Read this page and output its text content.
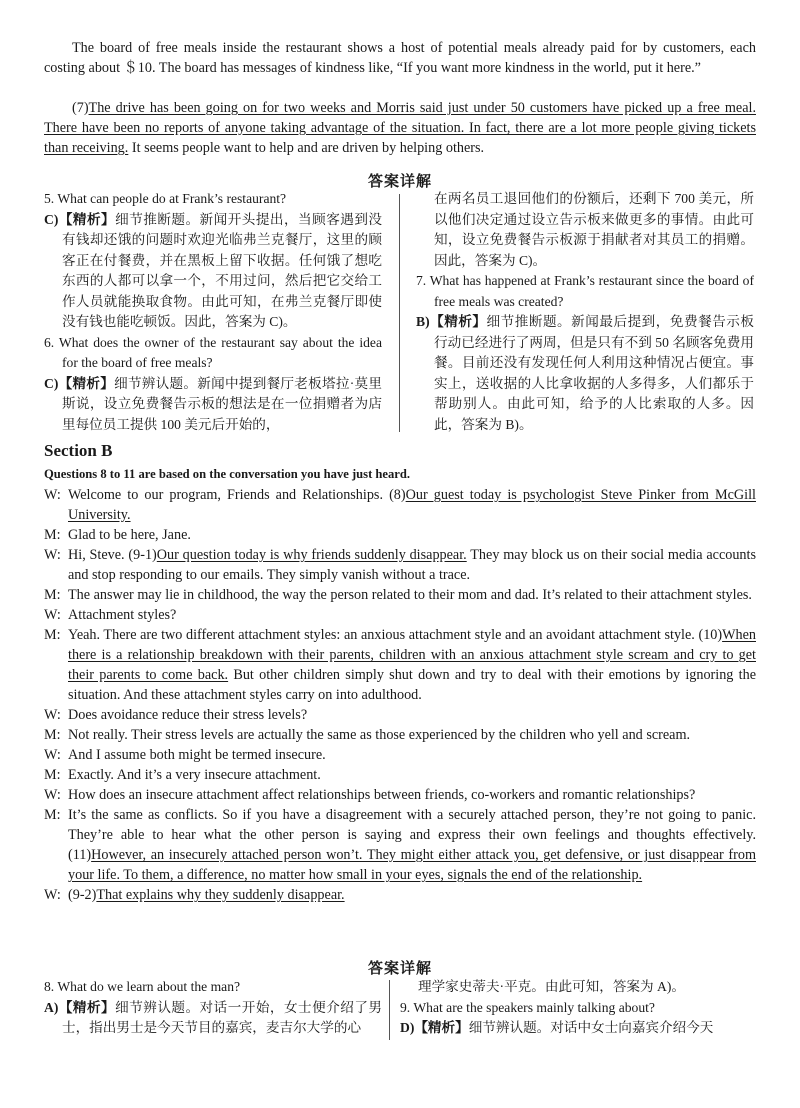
The board of free meals inside the restaurant shows a host of potential meals already paid for by customers, each costing about ＄10. The board has messages of kindness like, “If you want more kindness in the world, put it here.”
(7)The drive has been going on for two weeks and Morris said just under 50 customers have picked up a free meal. There have been no reports of anyone taking advantage of the situation. In fact, there are a lot more people giving tickets than receiving. It seems people want to help and are driven by helping others.
答案详解

5. What can people do at Frank’s restaurant?

C)【精析】细节推断题。新闻开头提出，当顾客遇到没有钱却还饿的问题时欢迎光临弗兰克餐厅，这里的顾客正在付餐费，并在黑板上留下收据。任何饿了想吃东西的人都可以拿一个，不用过问，然后把它交给工作人员就能换取食物。由此可知，在弗兰克餐厅即使没有钱也能吃顿饭。因此，答案为 C)。

6. What does the owner of the restaurant say about the idea for the board of free meals?

C)【精析】细节辨认题。新闻中提到餐厅老板塔拉·莫里斯说，设立免费餐告示板的想法是在一位捐赠者为店里每位员工提供 100 美元后开始的，

在两名员工退回他们的份额后，还剩下 700 美元，所以他们决定通过设立告示板来做更多的事情。由此可知，设立免费餐告示板源于捐献者对其员工的捐赠。因此，答案为 C)。

7. What has happened at Frank’s restaurant since the board of free meals was created?

B)【精析】细节推断题。新闻最后提到，免费餐告示板行动已经进行了两周，但是只有不到 50 名顾客免费用餐。目前还没有发现任何人利用这种情况占便宜。事实上，送收据的人比拿收据的人多得多，人们都乐于帮助别人。由此可知，给予的人比索取的人多。因此，答案为 B)。

Section B
Questions 8 to 11 are based on the conversation you have just heard.

W: Welcome to our program, Friends and Relationships. (8)Our guest today is psychologist Steve Pinker from McGill University.

M: Glad to be here, Jane.

W: Hi, Steve. (9-1)Our question today is why friends suddenly disappear. They may block us on their social media accounts and stop responding to our emails. They simply vanish without a trace.

M: The answer may lie in childhood, the way the person related to their mom and dad. It’s related to their attachment styles.

W: Attachment styles?

M: Yeah. There are two different attachment styles: an anxious attachment style and an avoidant attachment style. (10)When there is a relationship breakdown with their parents, children with an anxious attachment style scream and cry to get their parents to come back. But other children simply shut down and try to deal with their emotions by ignoring the situation. And these attachment styles carry on into adulthood.

W: Does avoidance reduce their stress levels?

M: Not really. Their stress levels are actually the same as those experienced by the children who yell and scream.

W: And I assume both might be termed insecure.

M: Exactly. And it’s a very insecure attachment.

W: How does an insecure attachment affect relationships between friends, co-workers and romantic relationships?

M: It’s the same as conflicts. So if you have a disagreement with a securely attached person, they’re not going to panic. They’re able to hear what the other person is saying and express their own feelings and thoughts effectively. (11)However, an insecurely attached person won’t. They might either attack you, get defensive, or just disappear from your life. To them, a difference, no matter how small in your eyes, signals the end of the relationship.

W: (9-2)That explains why they suddenly disappear.

答案详解

8. What do we learn about the man?

A)【精析】细节辨认题。对话一开始，女士便介绍了男士，指出男士是今天节目的嘉宾，麦吉尔大学的心

理学家史蒂夫·平克。由此可知，答案为 A)。

9. What are the speakers mainly talking about?

D)【精析】细节辨认题。对话中女士向嘉宾介绍今天
